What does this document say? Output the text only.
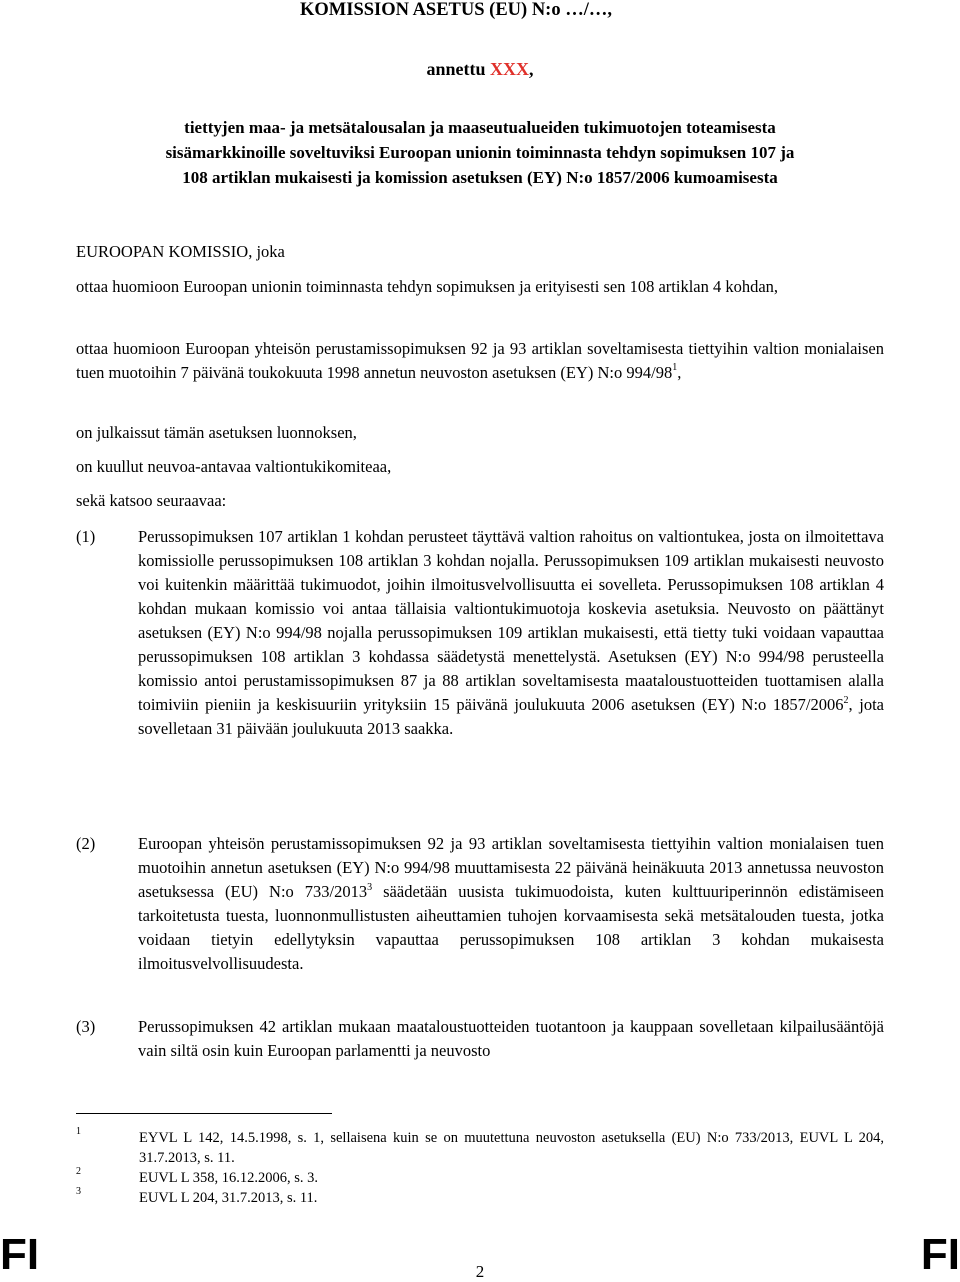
KOMISSION ASETUS (EU) N:o …/…,
annettu XXX,
tiettyjen maa- ja metsätalousalan ja maaseutualueiden tukimuotojen toteamisesta
sisämarkkinoille soveltuviksi Euroopan unionin toiminnasta tehdyn sopimuksen 107 ja
108 artiklan mukaisesti ja komission asetuksen (EY) N:o 1857/2006 kumoamisesta
EUROOPAN KOMISSIO, joka
ottaa huomioon Euroopan unionin toiminnasta tehdyn sopimuksen ja erityisesti sen 108 artiklan 4 kohdan,
ottaa huomioon Euroopan yhteisön perustamissopimuksen 92 ja 93 artiklan soveltamisesta tiettyihin valtion monialaisen tuen muotoihin 7 päivänä toukokuuta 1998 annetun neuvoston asetuksen (EY) N:o $994/98^1$,
on julkaissut tämän asetuksen luonnoksen,
on kuullut neuvoa-antavaa valtiontukikomiteaa,
sekä katsoo seuraavaa:
(1)	Perussopimuksen 107 artiklan 1 kohdan perusteet täyttävä valtion rahoitus on valtiontukea, josta on ilmoitettava komissiolle perussopimuksen 108 artiklan 3 kohdan nojalla. Perussopimuksen 109 artiklan mukaisesti neuvosto voi kuitenkin määrittää tukimuodot, joihin ilmoitusvelvollisuutta ei sovelleta. Perussopimuksen 108 artiklan 4 kohdan mukaan komissio voi antaa tällaisia valtiontukimuotoja koskevia asetuksia. Neuvosto on päättänyt asetuksen (EY) N:o 994/98 nojalla perussopimuksen 109 artiklan mukaisesti, että tietty tuki voidaan vapauttaa perussopimuksen 108 artiklan 3 kohdassa säädetystä menettelystä. Asetuksen (EY) N:o 994/98 perusteella komissio antoi perustamissopimuksen 87 ja 88 artiklan soveltamisesta maataloustuotteiden tuottamisen alalla toimiviin pieniin ja keskisuuriin yrityksiin 15 päivänä joulukuuta 2006 asetuksen (EY) N:o 1857/2006$^2$, jota sovelletaan 31 päivään joulukuuta 2013 saakka.
(2)	Euroopan yhteisön perustamissopimuksen 92 ja 93 artiklan soveltamisesta tiettyihin valtion monialaisen tuen muotoihin annetun asetuksen (EY) N:o 994/98 muuttamisesta 22 päivänä heinäkuuta 2013 annetussa neuvoston asetuksessa (EU) N:o 733/2013$^3$ säädetään uusista tukimuodoista, kuten kulttuuriperinnön edistämiseen tarkoitetusta tuesta, luonnonmullistusten aiheuttamien tuhojen korvaamisesta sekä metsätalouden tuesta, jotka voidaan tietyin edellytyksin vapauttaa perussopimuksen 108 artiklan 3 kohdan mukaisesta ilmoitusvelvollisuudesta.
(3)	Perussopimuksen 42 artiklan mukaan maataloustuotteiden tuotantoon ja kauppaan sovelletaan kilpailusääntöjä vain siltä osin kuin Euroopan parlamentti ja neuvosto
1	EYVL L 142, 14.5.1998, s. 1, sellaisena kuin se on muutettuna neuvoston asetuksella (EU) N:o 733/2013, EUVL L 204, 31.7.2013, s. 11.
2	EUVL L 358, 16.12.2006, s. 3.
3	EUVL L 204, 31.7.2013, s. 11.
FI	2	FI
